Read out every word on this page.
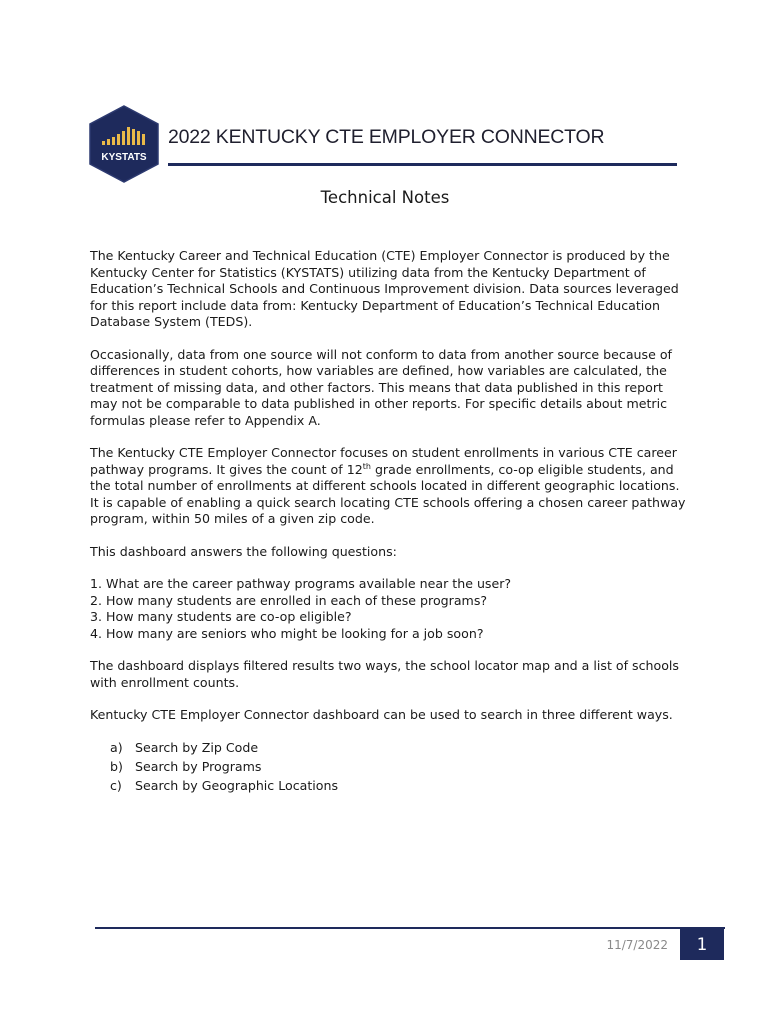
KYSTATS
2022 KENTUCKY CTE EMPLOYER CONNECTOR
Technical Notes

The Kentucky Career and Technical Education (CTE) Employer Connector is produced by the Kentucky Center for Statistics (KYSTATS) utilizing data from the Kentucky Department of Education’s Technical Schools and Continuous Improvement division. Data sources leveraged for this report include data from: Kentucky Department of Education’s Technical Education Database System (TEDS).

Occasionally, data from one source will not conform to data from another source because of differences in student cohorts, how variables are defined, how variables are calculated, the treatment of missing data, and other factors. This means that data published in this report may not be comparable to data published in other reports. For specific details about metric formulas please refer to Appendix A.

The Kentucky CTE Employer Connector focuses on student enrollments in various CTE career pathway programs. It gives the count of 12th grade enrollments, co-op eligible students, and the total number of enrollments at different schools located in different geographic locations. It is capable of enabling a quick search locating CTE schools offering a chosen career pathway program, within 50 miles of a given zip code.

This dashboard answers the following questions:

1. What are the career pathway programs available near the user?
2. How many students are enrolled in each of these programs?
3. How many students are co-op eligible?
4. How many are seniors who might be looking for a job soon?

The dashboard displays filtered results two ways, the school locator map and a list of schools with enrollment counts.

Kentucky CTE Employer Connector dashboard can be used to search in three different ways.

a) Search by Zip Code
b) Search by Programs
c) Search by Geographic Locations
11/7/2022	1
